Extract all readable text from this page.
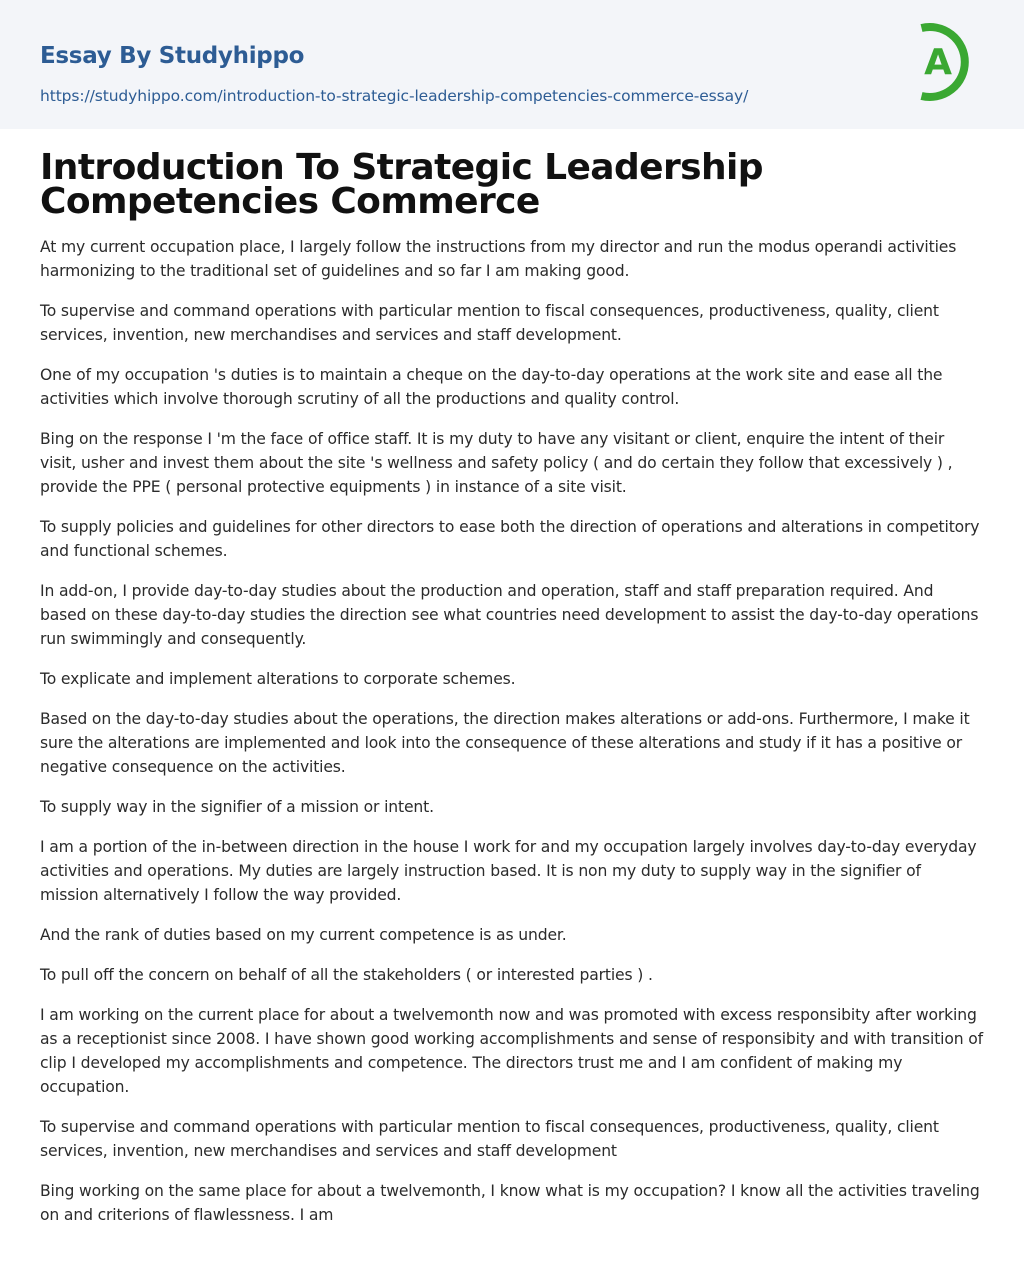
Essay By Studyhippo
https://studyhippo.com/introduction-to-strategic-leadership-competencies-commerce-essay/
A
Introduction To Strategic Leadership Competencies Commerce

At my current occupation place, I largely follow the instructions from my director and run the modus operandi activities harmonizing to the traditional set of guidelines and so far I am making good.

To supervise and command operations with particular mention to fiscal consequences, productiveness, quality, client services, invention, new merchandises and services and staff development.

One of my occupation 's duties is to maintain a cheque on the day-to-day operations at the work site and ease all the activities which involve thorough scrutiny of all the productions and quality control.

Bing on the response I 'm the face of office staff. It is my duty to have any visitant or client, enquire the intent of their visit, usher and invest them about the site 's wellness and safety policy ( and do certain they follow that excessively ) , provide the PPE ( personal protective equipments ) in instance of a site visit.

To supply policies and guidelines for other directors to ease both the direction of operations and alterations in competitory and functional schemes.

In add-on, I provide day-to-day studies about the production and operation, staff and staff preparation required. And based on these day-to-day studies the direction see what countries need development to assist the day-to-day operations run swimmingly and consequently.

To explicate and implement alterations to corporate schemes.

Based on the day-to-day studies about the operations, the direction makes alterations or add-ons. Furthermore, I make it sure the alterations are implemented and look into the consequence of these alterations and study if it has a positive or negative consequence on the activities.

To supply way in the signifier of a mission or intent.

I am a portion of the in-between direction in the house I work for and my occupation largely involves day-to-day everyday activities and operations. My duties are largely instruction based. It is non my duty to supply way in the signifier of mission alternatively I follow the way provided.

And the rank of duties based on my current competence is as under.

To pull off the concern on behalf of all the stakeholders ( or interested parties ) .

I am working on the current place for about a twelvemonth now and was promoted with excess responsibity after working as a receptionist since 2008. I have shown good working accomplishments and sense of responsibity and with transition of clip I developed my accomplishments and competence. The directors trust me and I am confident of making my occupation.

To supervise and command operations with particular mention to fiscal consequences, productiveness, quality, client services, invention, new merchandises and services and staff development

Bing working on the same place for about a twelvemonth, I know what is my occupation? I know all the activities traveling on and criterions of flawlessness. I am
